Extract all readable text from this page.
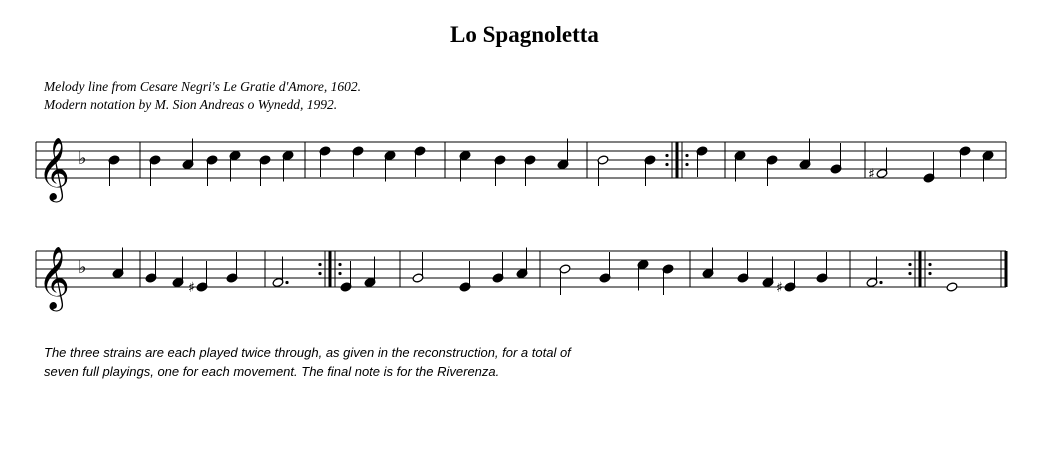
Lo Spagnoletta
Melody line from Cesare Negri's Le Gratie d'Amore, 1602.
Modern notation by M. Sion Andreas o Wynedd, 1992.
𝄞 ♭
♯
𝄞 ♭
♯	♯
The three strains are each played twice through, as given in the reconstruction, for a total of
seven full playings, one for each movement. The final note is for the Riverenza.
